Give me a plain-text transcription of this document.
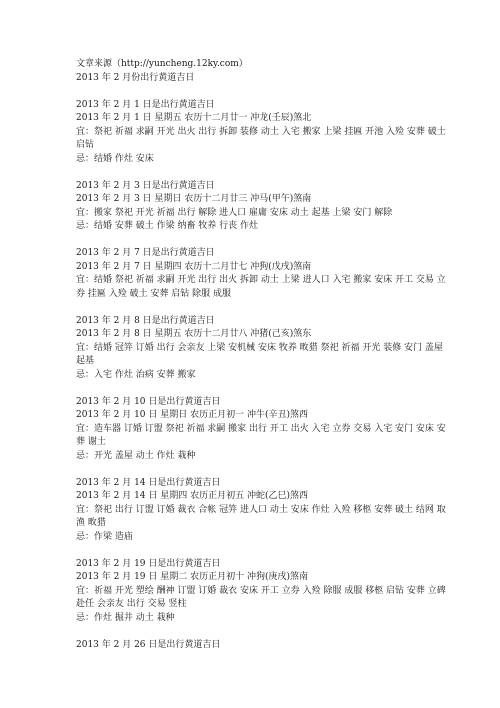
文章来源（http://yuncheng.12ky.com）
2013 年 2 月份出行黄道吉日
2013 年 2 月 1 日是出行黄道吉日
2013 年 2 月 1 日 星期五 农历十二月廿一 冲龙(壬辰)煞北
宜：祭祀 祈福 求嗣 开光 出火 出行 拆卸 装修 动土 入宅 搬家 上梁 挂匾 开池 入殓 安葬 破土 启钻
忌：结婚 作灶 安床
2013 年 2 月 3 日是出行黄道吉日
2013 年 2 月 3 日 星期日 农历十二月廿三 冲马(甲午)煞南
宜：搬家 祭祀 开光 祈福 出行 解除 进人口 雇庸 安床 动土 起基 上梁 安门 解除
忌：结婚 安葬 破土 作梁 纳畜 牧养 行丧 作灶
2013 年 2 月 7 日是出行黄道吉日
2013 年 2 月 7 日 星期四 农历十二月廿七 冲狗(戊戌)煞南
宜：结婚 祭祀 祈福 求嗣 开光 出行 出火 拆卸 动土 上梁 进人口 入宅 搬家 安床 开工 交易 立券 挂匾 入殓 破土 安葬 启钻 除服 成服
2013 年 2 月 8 日是出行黄道吉日
2013 年 2 月 8 日 星期五 农历十二月廿八 冲猪(己亥)煞东
宜：结婚 冠笄 订婚 出行 会亲友 上梁 安机械 安床 牧养 畋猎 祭祀 祈福 开光 装修 安门 盖屋 起基
忌：入宅 作灶 治病 安葬 搬家
2013 年 2 月 10 日是出行黄道吉日
2013 年 2 月 10 日 星期日 农历正月初一 冲牛(辛丑)煞西
宜：造车器 订婚 订盟 祭祀 祈福 求嗣 搬家 出行 开工 出火 入宅 立券 交易 入宅 安门 安床 安葬 谢土
忌：开光 盖屋 动土 作灶 栽种
2013 年 2 月 14 日是出行黄道吉日
2013 年 2 月 14 日 星期四 农历正月初五 冲蛇(乙巳)煞西
宜：祭祀 出行 订盟 订婚 裁衣 合帐 冠笄 进人口 动土 安床 作灶 入殓 移柩 安葬 破土 结网 取渔 畋猎
忌：作梁 造庙
2013 年 2 月 19 日是出行黄道吉日
2013 年 2 月 19 日 星期二 农历正月初十 冲狗(庚戌)煞南
宜：祈福 开光 塑绘 酬神 订盟 订婚 裁衣 安床 开工 立券 入殓 除服 成服 移柩 启钻 安葬 立碑 赴任 会亲友 出行 交易 竖柱
忌：作灶 掘井 动土 栽种
2013 年 2 月 26 日是出行黄道吉日
